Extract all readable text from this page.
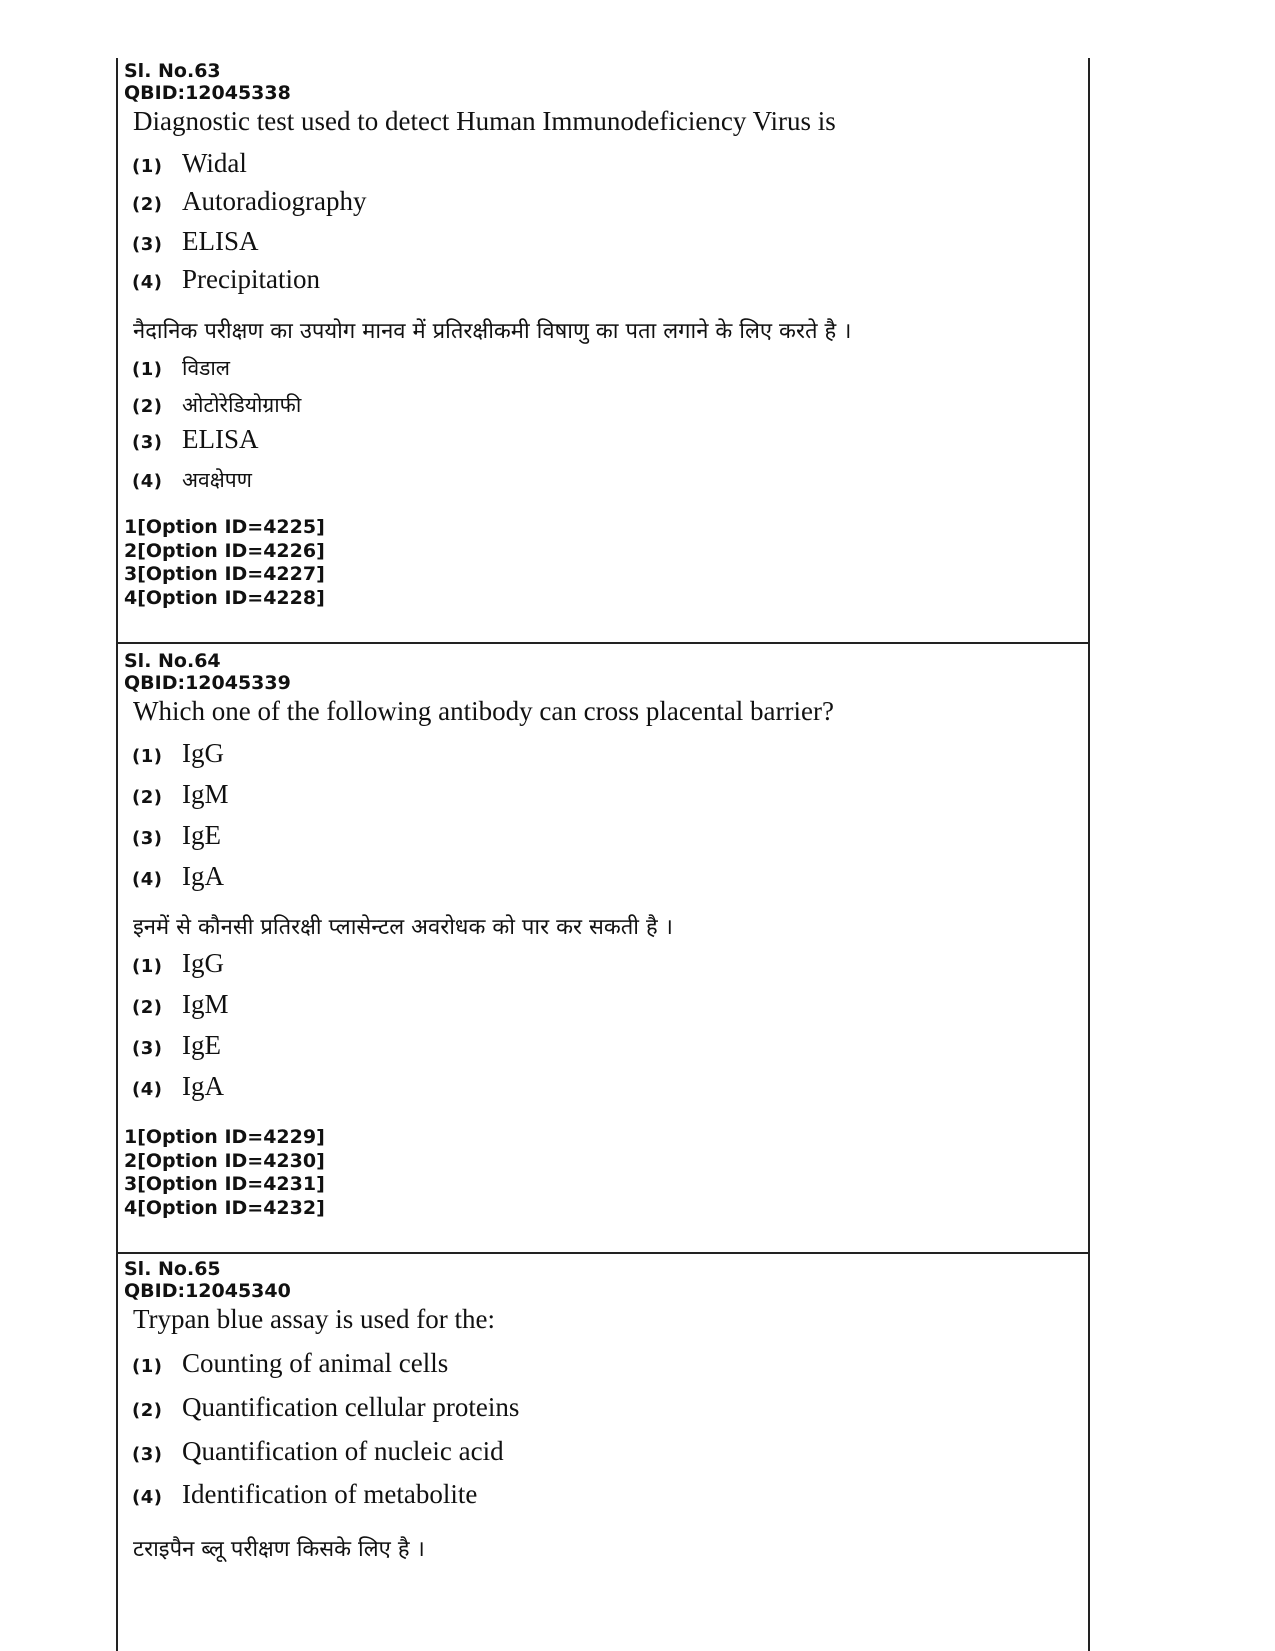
Sl. No.63
QBID:12045338
Diagnostic test used to detect Human Immunodeficiency Virus is
(1) Widal
(2) Autoradiography
(3) ELISA
(4) Precipitation
नैदानिक परीक्षण का उपयोग मानव में प्रतिरक्षीकमी विषाणु का पता लगाने के लिए करते है ।
(1) विडाल
(2) ओटोरेडियोग्राफी
(3) ELISA
(4) अवक्षेपण
1[Option ID=4225]
2[Option ID=4226]
3[Option ID=4227]
4[Option ID=4228]
Sl. No.64
QBID:12045339
Which one of the following antibody can cross placental barrier?
(1) IgG
(2) IgM
(3) IgE
(4) IgA
इनमें से कौनसी प्रतिरक्षी प्लासेन्टल अवरोधक को पार कर सकती है ।
(1) IgG
(2) IgM
(3) IgE
(4) IgA
1[Option ID=4229]
2[Option ID=4230]
3[Option ID=4231]
4[Option ID=4232]
Sl. No.65
QBID:12045340
Trypan blue assay is used for the:
(1) Counting of animal cells
(2) Quantification cellular proteins
(3) Quantification of nucleic acid
(4) Identification of metabolite
टराइपैन ब्लू परीक्षण किसके लिए है ।
